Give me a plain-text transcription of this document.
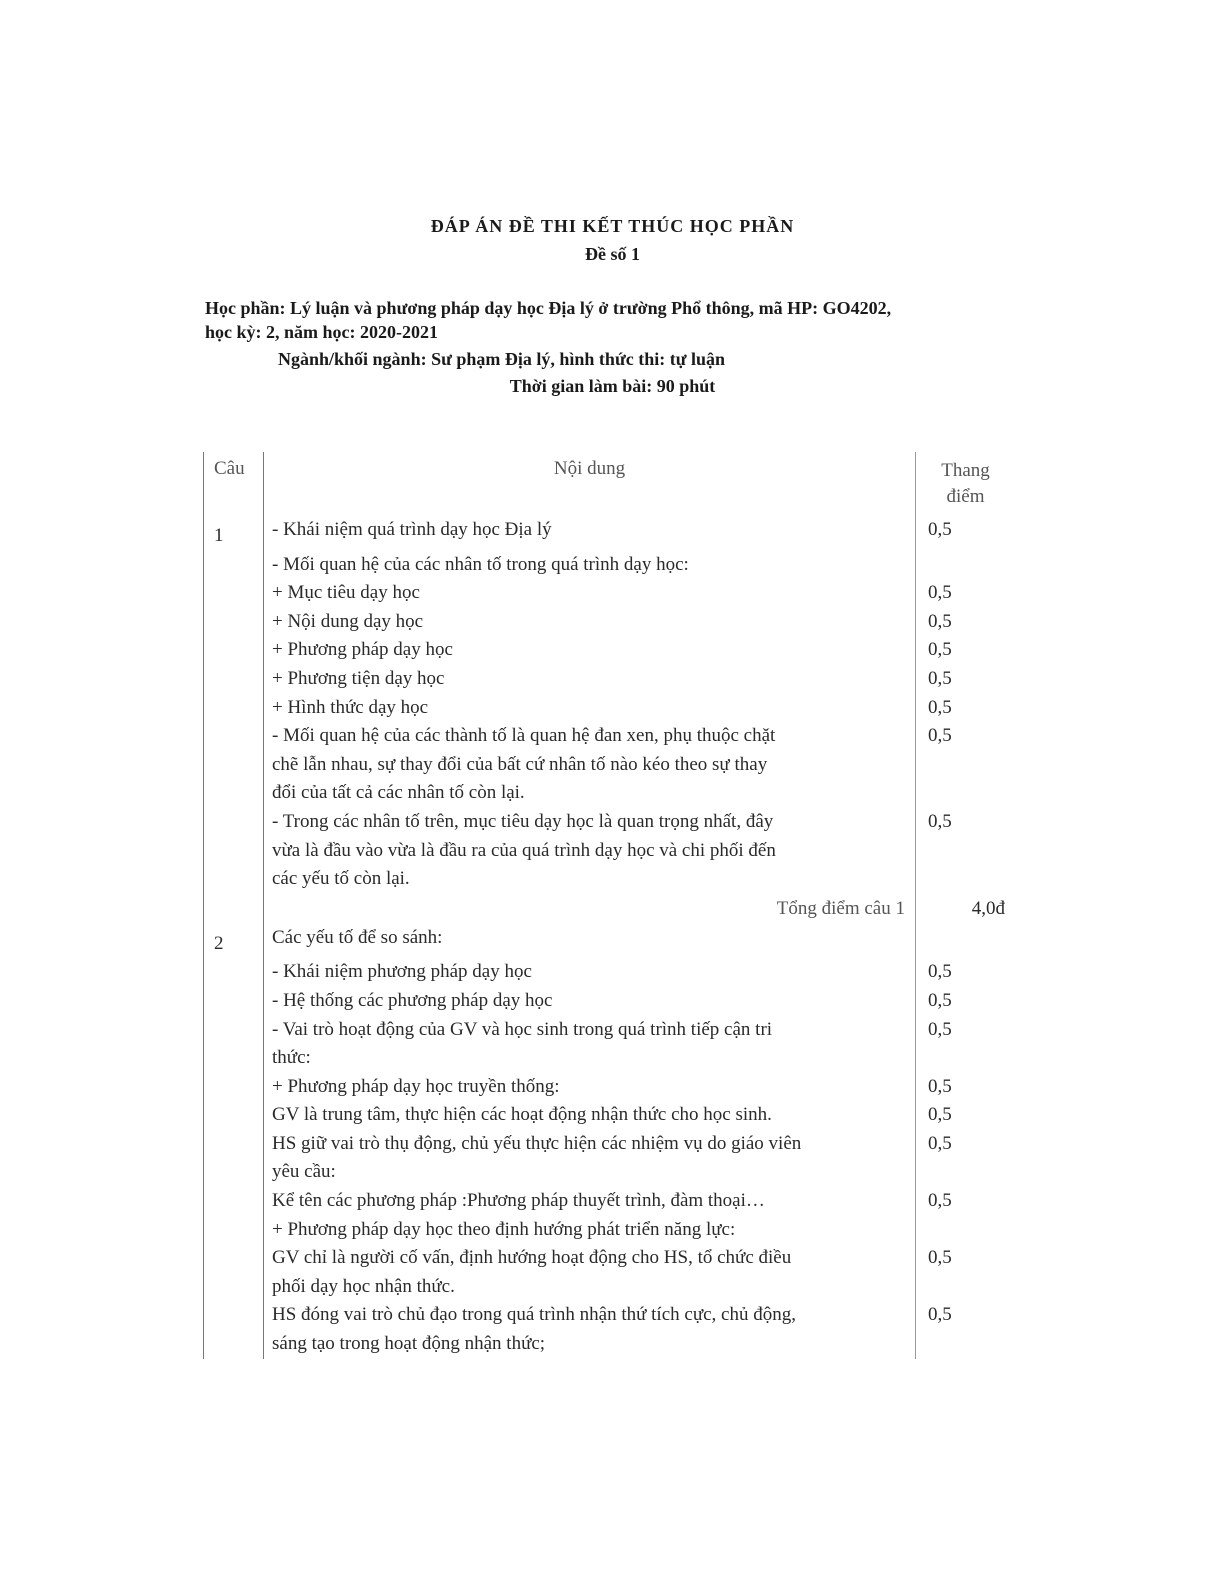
ĐÁP ÁN ĐỀ THI KẾT THÚC HỌC PHẦN
Đề số 1
Học phần: Lý luận và phương pháp dạy học Địa lý ở trường Phổ thông, mã HP: GO4202,
học kỳ: 2, năm học: 2020-2021
Ngành/khối ngành: Sư phạm Địa lý, hình thức thi: tự luận
Thời gian làm bài: 90 phút
Câu	Nội dung	Thang
điểm

1	- Khái niệm quá trình dạy học Địa lý	0,5

	- Mối quan hệ của các nhân tố trong quá trình dạy học:	

	+ Mục tiêu dạy học	0,5

	+ Nội dung dạy học	0,5

	+ Phương pháp dạy học	0,5

	+ Phương tiện dạy học	0,5

	+ Hình thức dạy học	0,5

	- Mối quan hệ của các thành tố là quan hệ đan xen, phụ thuộc chặt
chẽ lẫn nhau, sự thay đổi của bất cứ nhân tố nào kéo theo sự thay
đổi của tất cả các nhân tố còn lại.	0,5

	- Trong các nhân tố trên, mục tiêu dạy học là quan trọng nhất, đây
vừa là đầu vào vừa là đầu ra của quá trình dạy học và chi phối đến
các yếu tố còn lại.	0,5

	Tổng điểm câu 1	4,0đ
2	Các yếu tố để so sánh:	

	- Khái niệm phương pháp dạy học	0,5

	- Hệ thống các phương pháp dạy học	0,5

	- Vai trò hoạt động của GV và học sinh trong quá trình tiếp cận tri
thức:	0,5

	+ Phương pháp dạy học truyền thống:	0,5

	GV là trung tâm, thực hiện các hoạt động nhận thức cho học sinh.	0,5

	HS giữ vai trò thụ động, chủ yếu thực hiện các nhiệm vụ do giáo viên
yêu cầu:	0,5

	Kể tên các phương pháp :Phương pháp thuyết trình, đàm thoại…	0,5

	+ Phương pháp dạy học theo định hướng phát triển năng lực:	

	GV chỉ là người cố vấn, định hướng hoạt động cho HS, tổ chức điều
phối dạy học nhận thức.	0,5

	HS đóng vai trò chủ đạo trong quá trình nhận thứ tích cực, chủ động,
sáng tạo trong hoạt động nhận thức;	0,5
